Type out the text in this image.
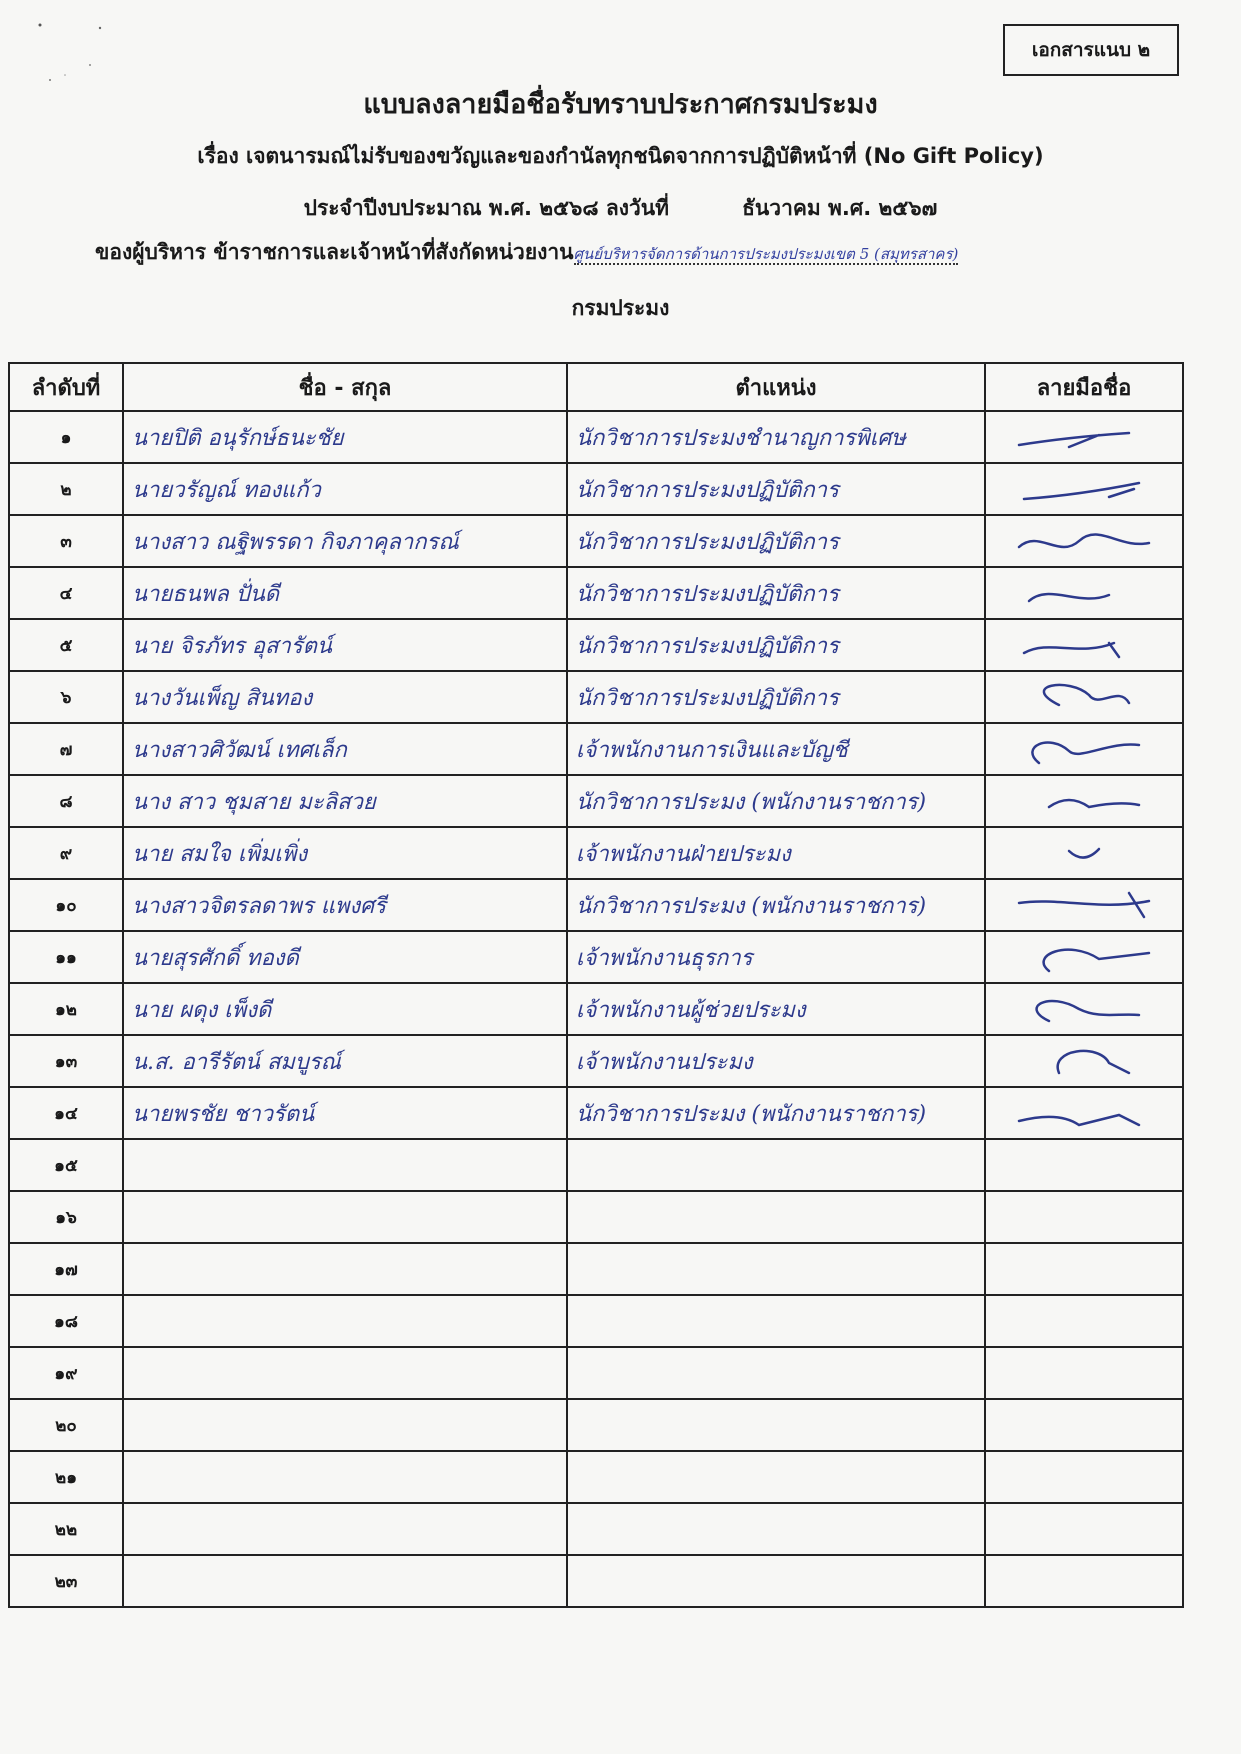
เอกสารแนบ ๒
แบบลงลายมือชื่อรับทราบประกาศกรมประมง
เรื่อง เจตนารมณ์ไม่รับของขวัญและของกำนัลทุกชนิดจากการปฏิบัติหน้าที่ (No Gift Policy)
ประจำปีงบประมาณ พ.ศ. ๒๕๖๘ ลงวันที่          ธันวาคม พ.ศ. ๒๕๖๗
ของผู้บริหาร ข้าราชการและเจ้าหน้าที่สังกัดหน่วยงานศูนย์บริหารจัดการด้านการประมงประมงเขต 5 (สมุทรสาคร)
กรมประมง
ลำดับที่	ชื่อ - สกุล	ตำแหน่ง	ลายมือชื่อ
๑	นายปิติ อนุรักษ์ธนะชัย	นักวิชาการประมงชำนาญการพิเศษ	

๒	นายวรัญณ์ ทองแก้ว	นักวิชาการประมงปฏิบัติการ	

๓	นางสาว ณฐิพรรดา กิจภาคุลากรณ์	นักวิชาการประมงปฏิบัติการ	

๔	นายธนพล ปั่นดี	นักวิชาการประมงปฏิบัติการ	

๕	นาย จิรภัทร อุสารัตน์	นักวิชาการประมงปฏิบัติการ	

๖	นางวันเพ็ญ สินทอง	นักวิชาการประมงปฏิบัติการ	

๗	นางสาวศิวัฒน์ เทศเล็ก	เจ้าพนักงานการเงินและบัญชี	

๘	นาง สาว ชุมสาย มะลิสวย	นักวิชาการประมง (พนักงานราชการ)	

๙	นาย สมใจ เพิ่มเพิ่ง	เจ้าพนักงานฝ่ายประมง	

๑๐	นางสาวจิตรลดาพร แพงศรี	นักวิชาการประมง (พนักงานราชการ)	

๑๑	นายสุรศักดิ์ ทองดี	เจ้าพนักงานธุรการ	

๑๒	นาย ผดุง เพ็งดี	เจ้าพนักงานผู้ช่วยประมง	

๑๓	น.ส. อารีรัตน์ สมบูรณ์	เจ้าพนักงานประมง	

๑๔	นายพรชัย ชาวรัตน์	นักวิชาการประมง (พนักงานราชการ)	

๑๕			
๑๖			
๑๗			
๑๘			
๑๙			
๒๐			
๒๑			
๒๒			
๒๓			
